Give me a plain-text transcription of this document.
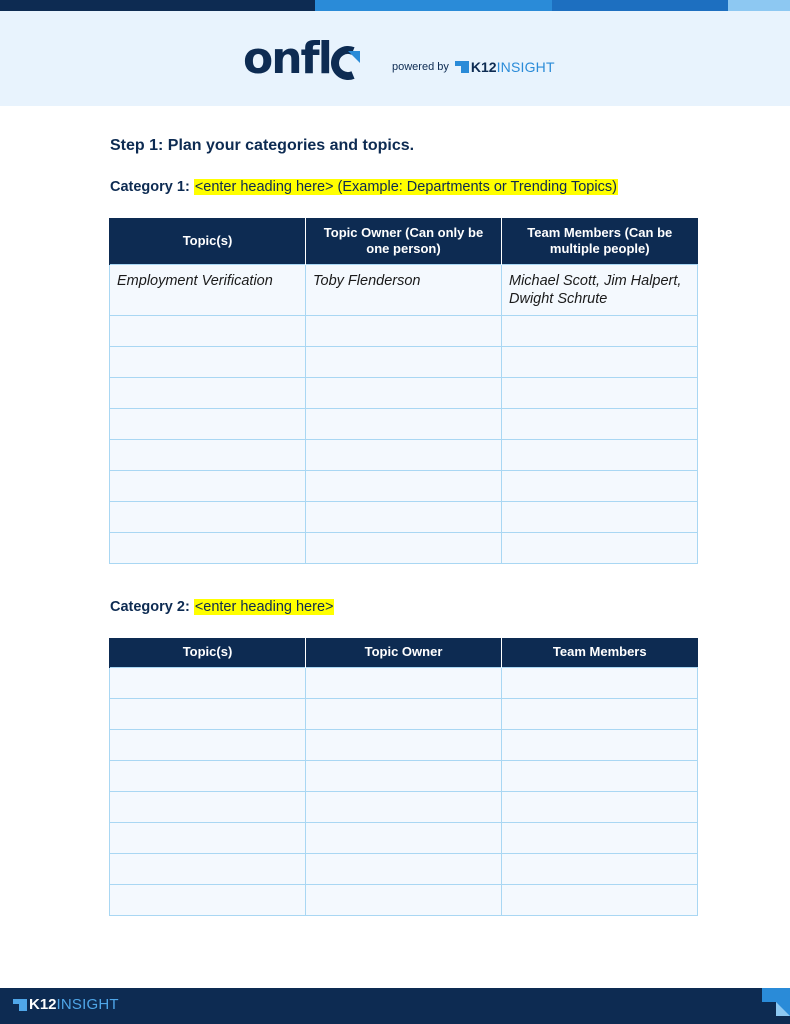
onfl	powered by K12 INSIGHT
Step 1: Plan your categories and topics.
Category 1: <enter heading here> (Example: Departments or Trending Topics)
Topic(s)	Topic Owner (Can only be one person)	Team Members (Can be multiple people)
Employment Verification	Toby Flenderson	Michael Scott, Jim Halpert, Dwight Schrute

Category 2: <enter heading here>
Topic(s)	Topic Owner	Team Members

K12 INSIGHT
